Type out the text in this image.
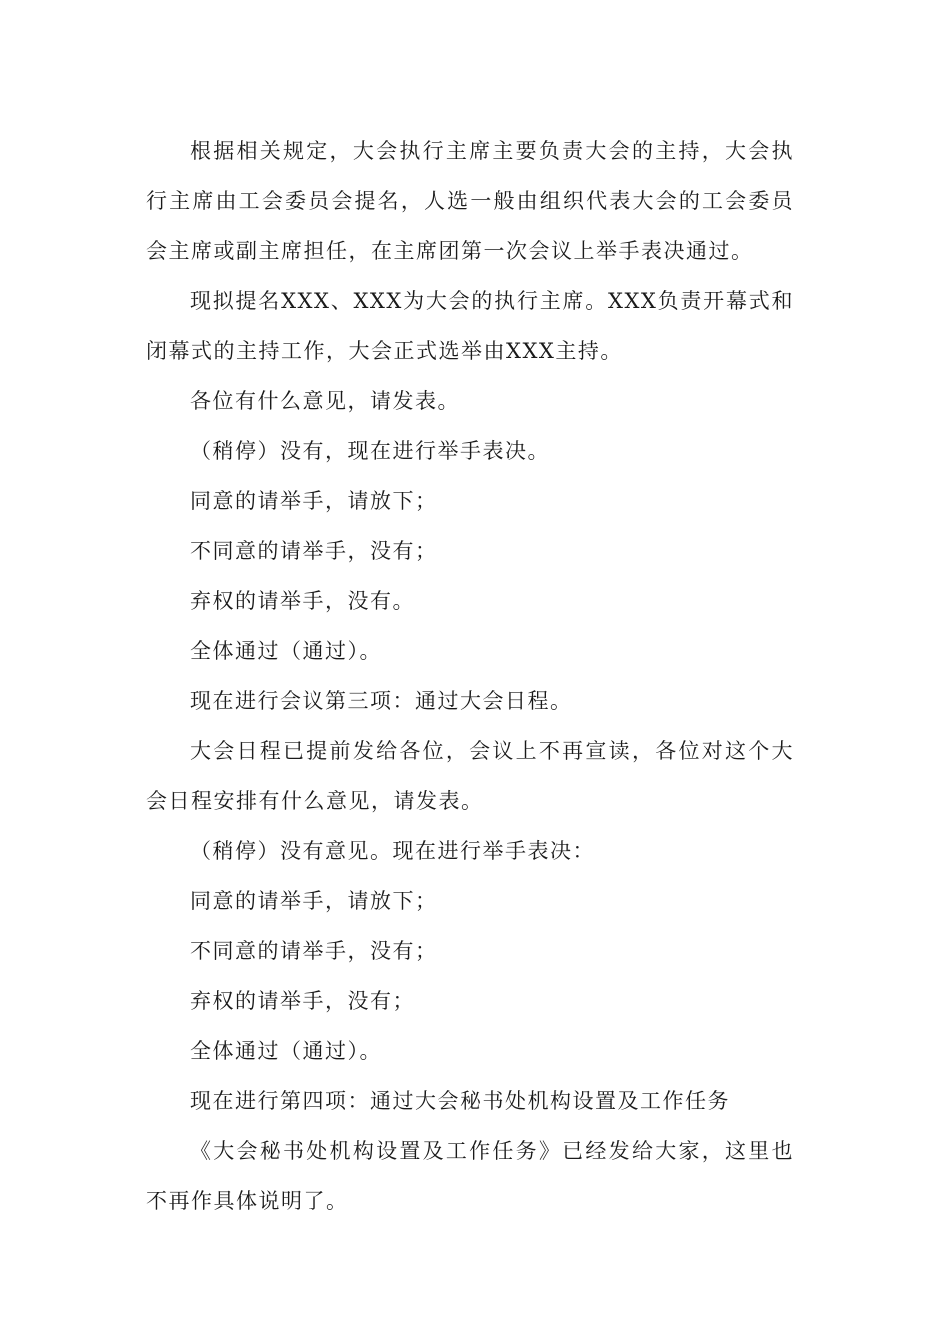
根据相关规定，大会执行主席主要负责大会的主持，大会执行主席由工会委员会提名，人选一般由组织代表大会的工会委员会主席或副主席担任，在主席团第一次会议上举手表决通过。

现拟提名XXX、XXX为大会的执行主席。XXX负责开幕式和闭幕式的主持工作，大会正式选举由XXX主持。

各位有什么意见，请发表。

（稍停）没有，现在进行举手表决。

同意的请举手，请放下；

不同意的请举手，没有；

弃权的请举手，没有。

全体通过（通过）。

现在进行会议第三项：通过大会日程。

大会日程已提前发给各位，会议上不再宣读，各位对这个大会日程安排有什么意见，请发表。

（稍停）没有意见。现在进行举手表决：

同意的请举手，请放下；

不同意的请举手，没有；

弃权的请举手，没有；

全体通过（通过）。

现在进行第四项：通过大会秘书处机构设置及工作任务

《大会秘书处机构设置及工作任务》已经发给大家，这里也不再作具体说明了。
